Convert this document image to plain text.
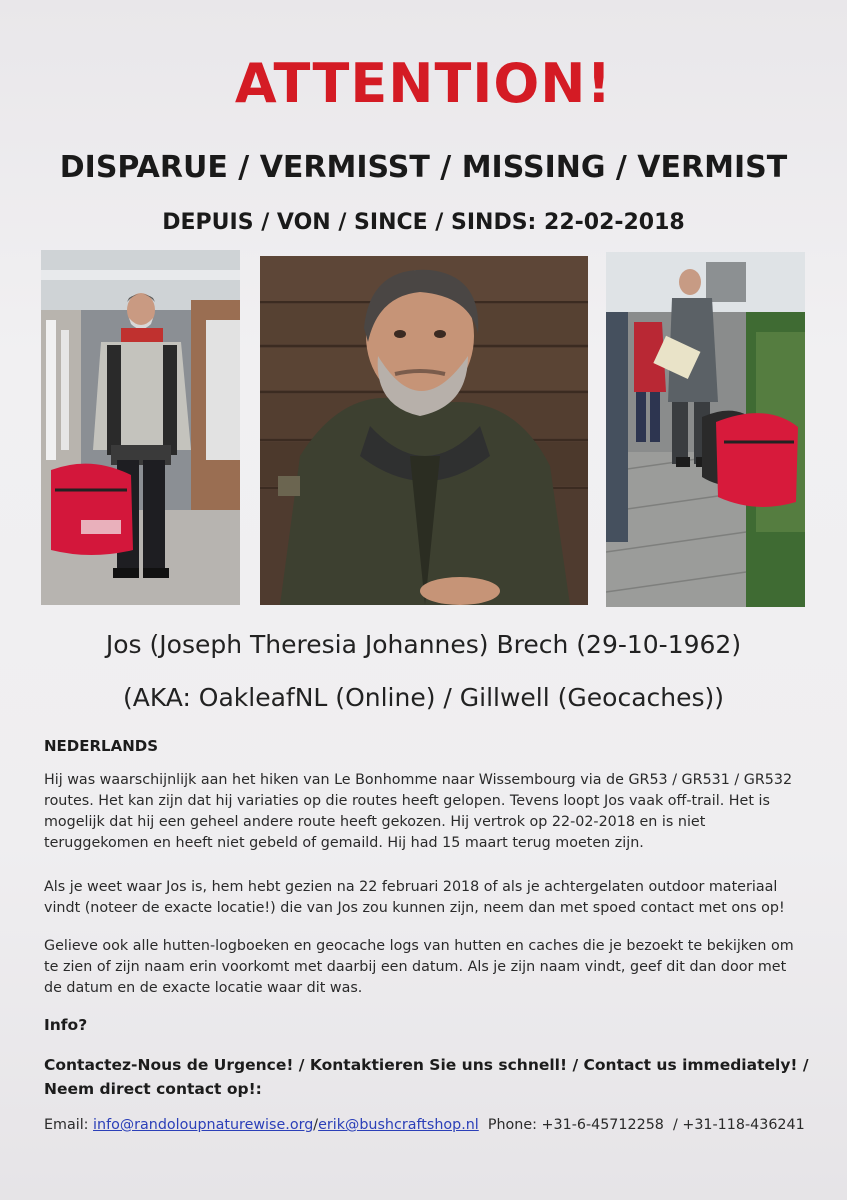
ATTENTION!
DISPARUE / VERMISST / MISSING / VERMIST
DEPUIS / VON / SINCE / SINDS: 22-02-2018
Jos (Joseph Theresia Johannes) Brech (29-10-1962)
(AKA: OakleafNL (Online) / Gillwell (Geocaches))
NEDERLANDS
Hij was waarschijnlijk aan het hiken van Le Bonhomme naar Wissembourg via de GR53 / GR531 / GR532 routes. Het kan zijn dat hij variaties op die routes heeft gelopen. Tevens loopt Jos vaak off-trail. Het is mogelijk dat hij een geheel andere route heeft gekozen. Hij vertrok op 22-02-2018 en is niet teruggekomen en heeft niet gebeld of gemaild. Hij had 15 maart terug moeten zijn.
Als je weet waar Jos is, hem hebt gezien na 22 februari 2018 of als je achtergelaten outdoor materiaal vindt (noteer de exacte locatie!) die van Jos zou kunnen zijn, neem dan met spoed contact met ons op!
Gelieve ook alle hutten-logboeken en geocache logs van hutten en caches die je bezoekt te bekijken om te zien of zijn naam erin voorkomt met daarbij een datum. Als je zijn naam vindt, geef dit dan door met de datum en de exacte locatie waar dit was.
Info?
Contactez-Nous de Urgence! / Kontaktieren Sie uns schnell! / Contact us immediately! / Neem direct contact op!:
Email: info@randoloupnaturewise.org/erik@bushcraftshop.nl  Phone: +31-6-45712258  / +31-118-436241
